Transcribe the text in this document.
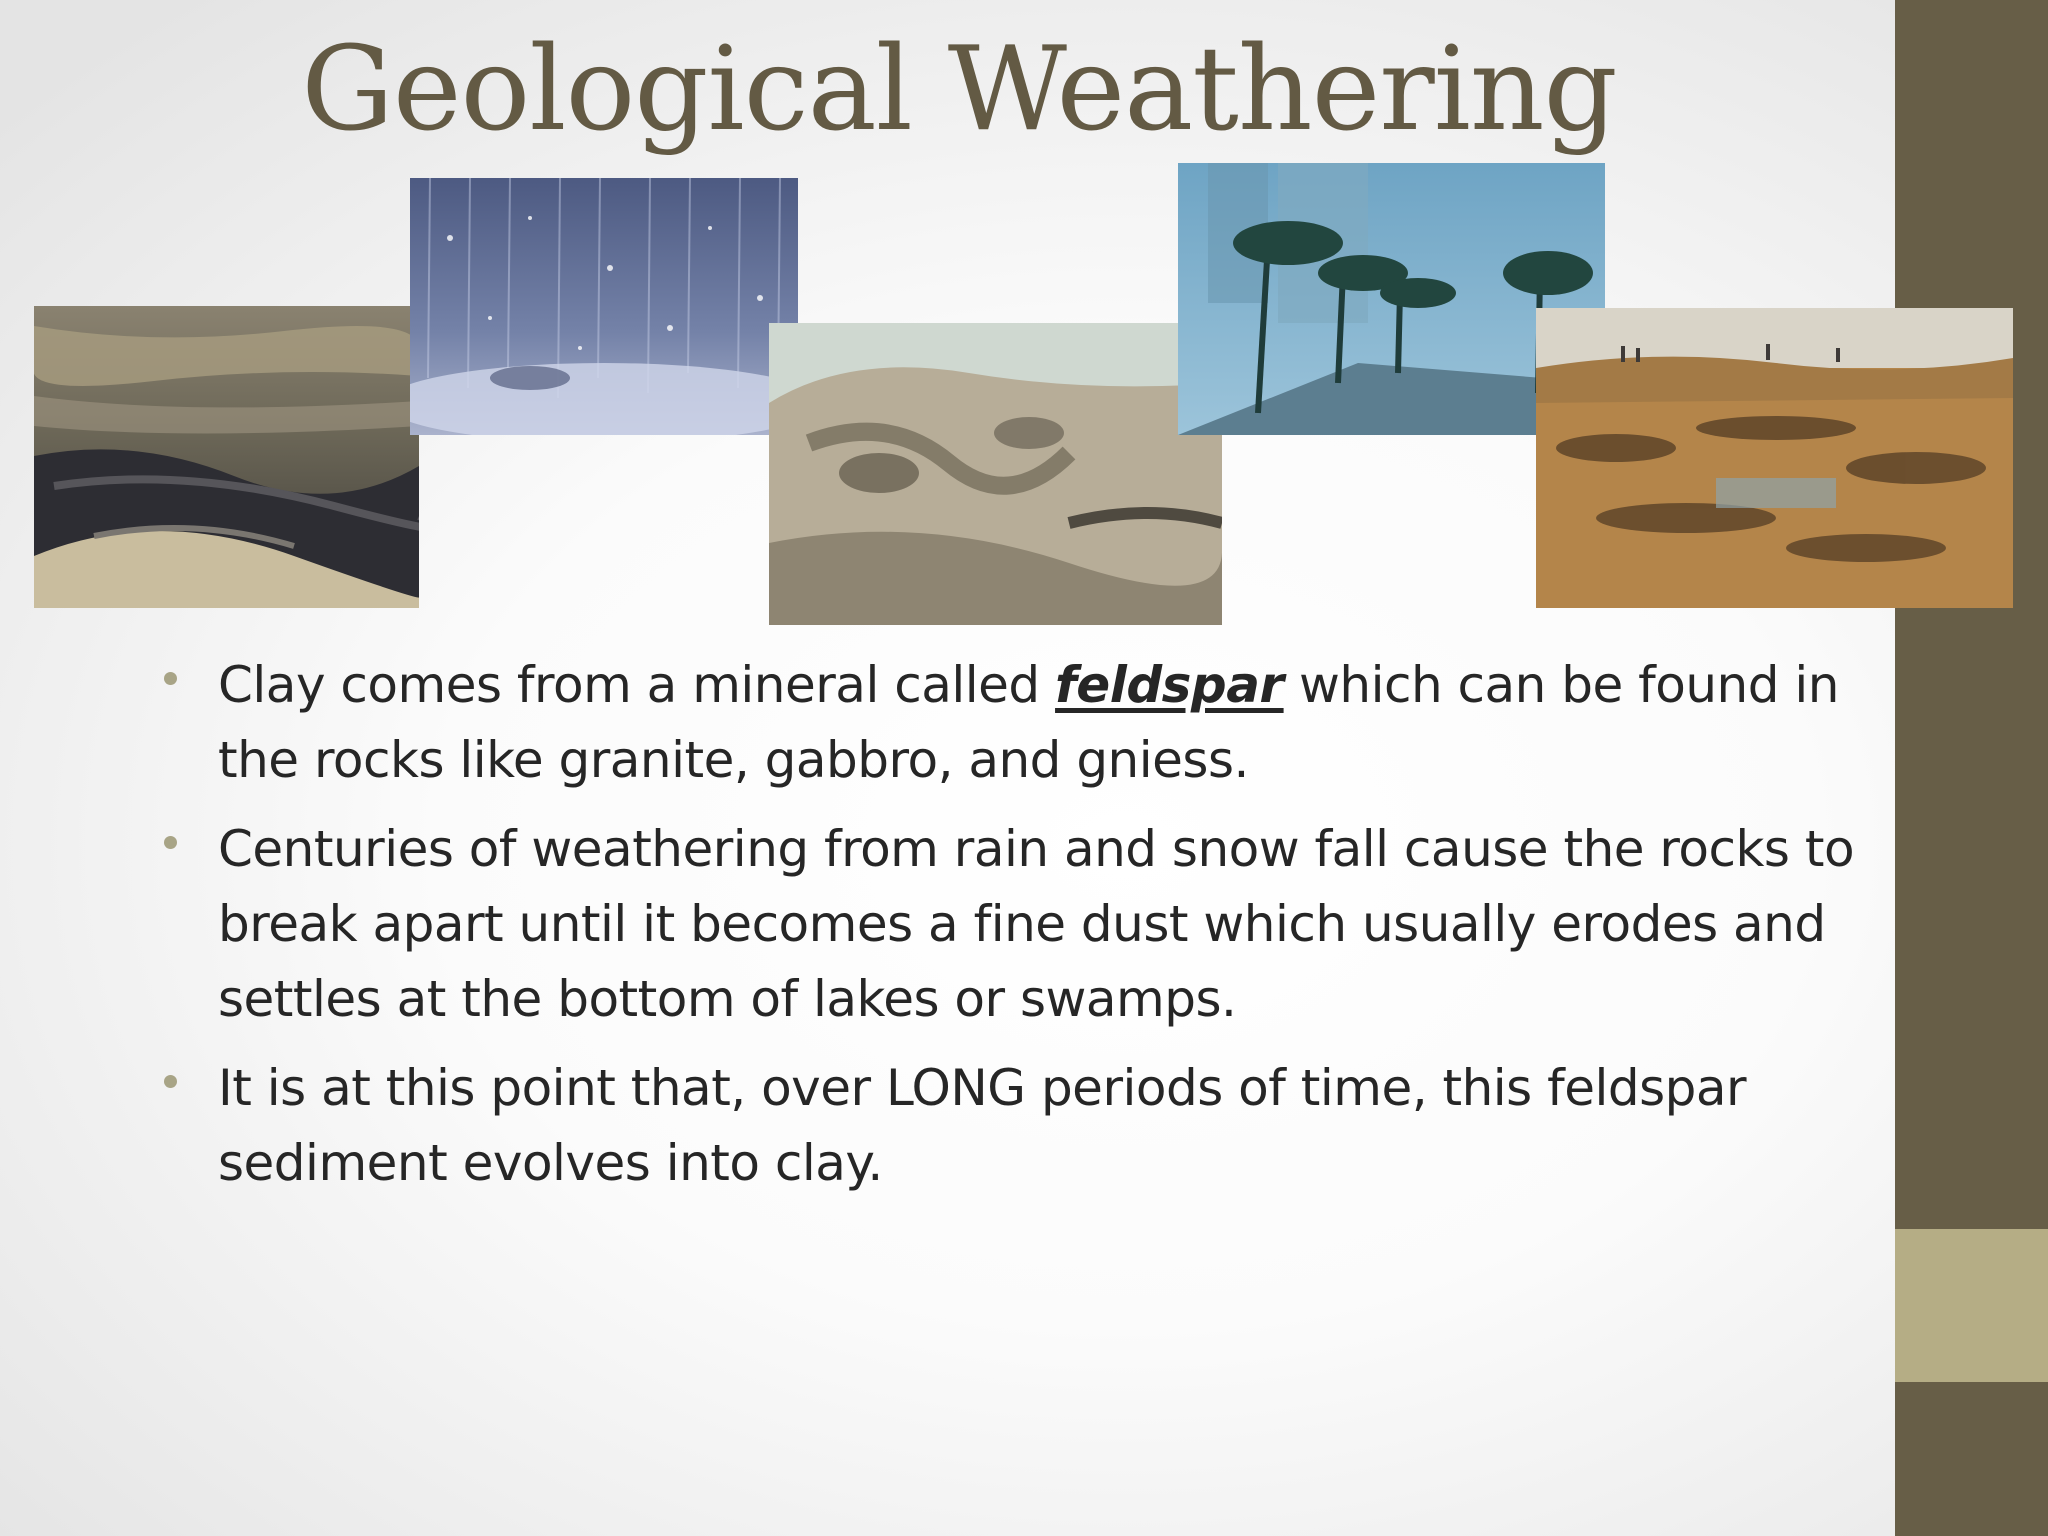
Geological Weathering
Clay comes from a mineral called feldspar which can be found in the rocks like granite, gabbro, and gniess.
Centuries of weathering from rain and snow fall cause the rocks to break apart until it becomes a fine dust which usually erodes and settles at the bottom of lakes or swamps.
It is at this point that, over LONG periods of time, this feldspar sediment evolves into clay.
